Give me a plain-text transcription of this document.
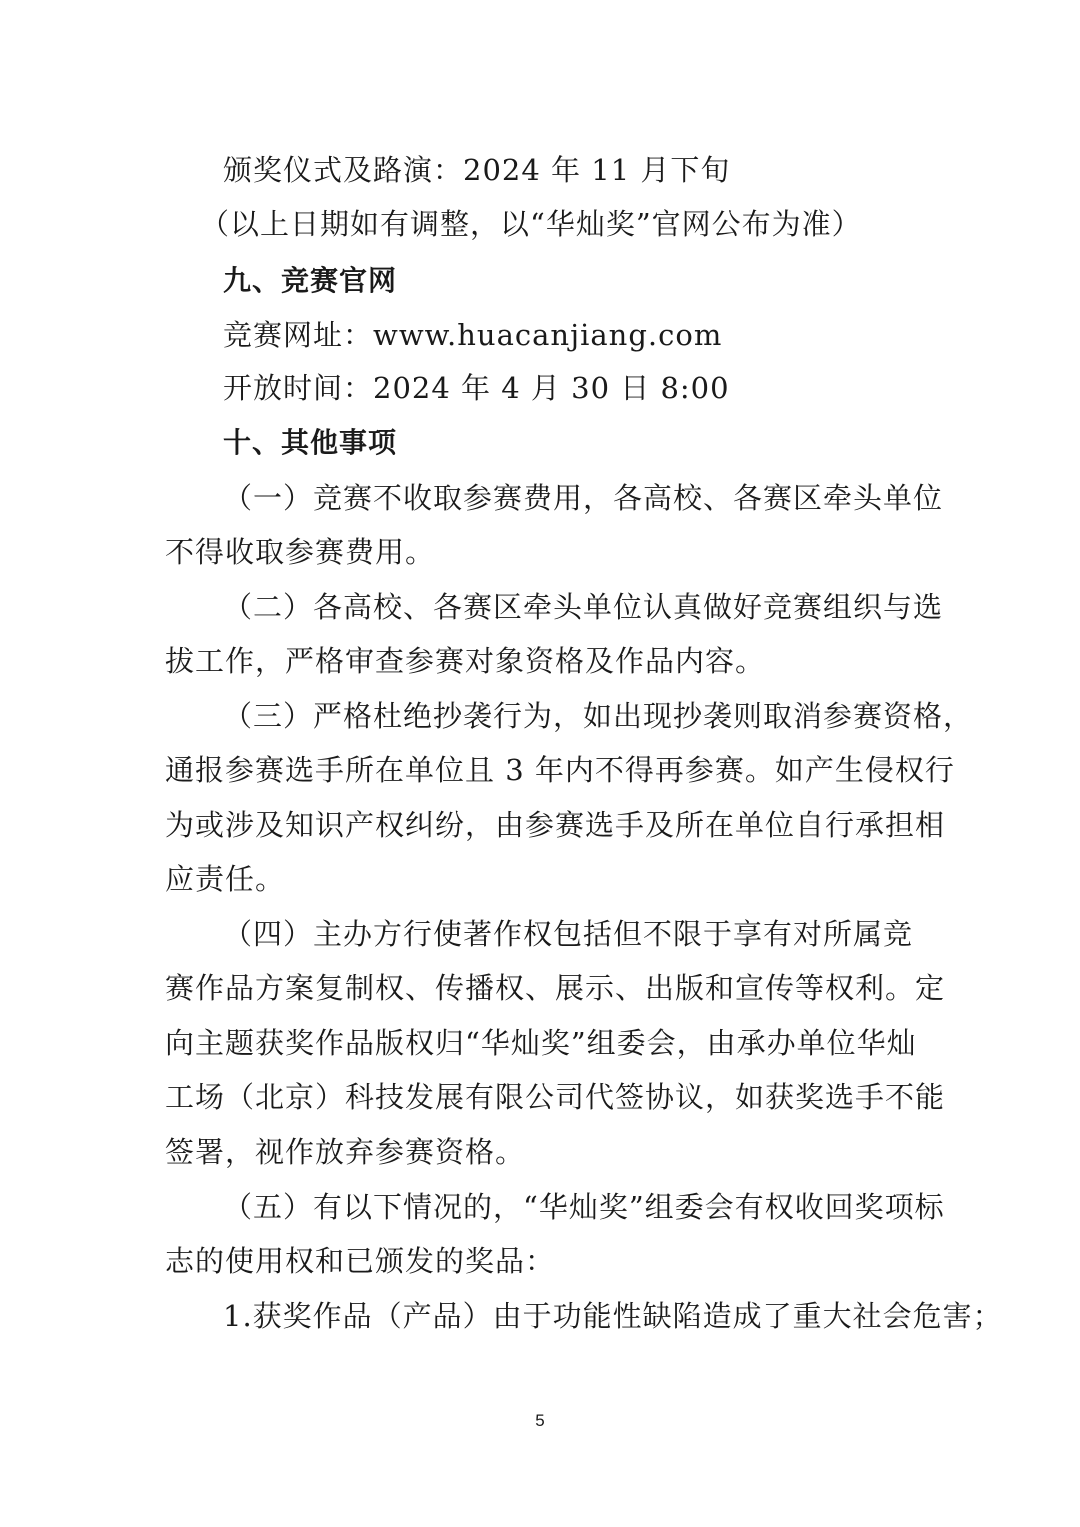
颁奖仪式及路演：2024 年 11 月下旬
（以上日期如有调整，以“华灿奖”官网公布为准）
九、竞赛官网
竞赛网址：www.huacanjiang.com
开放时间：2024 年 4 月 30 日 8:00
十、其他事项
（一）竞赛不收取参赛费用，各高校、各赛区牵头单位
不得收取参赛费用。
（二）各高校、各赛区牵头单位认真做好竞赛组织与选
拔工作，严格审查参赛对象资格及作品内容。
（三）严格杜绝抄袭行为，如出现抄袭则取消参赛资格，
通报参赛选手所在单位且 3 年内不得再参赛。如产生侵权行
为或涉及知识产权纠纷，由参赛选手及所在单位自行承担相
应责任。
（四）主办方行使著作权包括但不限于享有对所属竞
赛作品方案复制权、传播权、展示、出版和宣传等权利。定
向主题获奖作品版权归“华灿奖”组委会，由承办单位华灿
工场（北京）科技发展有限公司代签协议，如获奖选手不能
签署，视作放弃参赛资格。
（五）有以下情况的，“华灿奖”组委会有权收回奖项标
志的使用权和已颁发的奖品：
1.获奖作品（产品）由于功能性缺陷造成了重大社会危害；
5
